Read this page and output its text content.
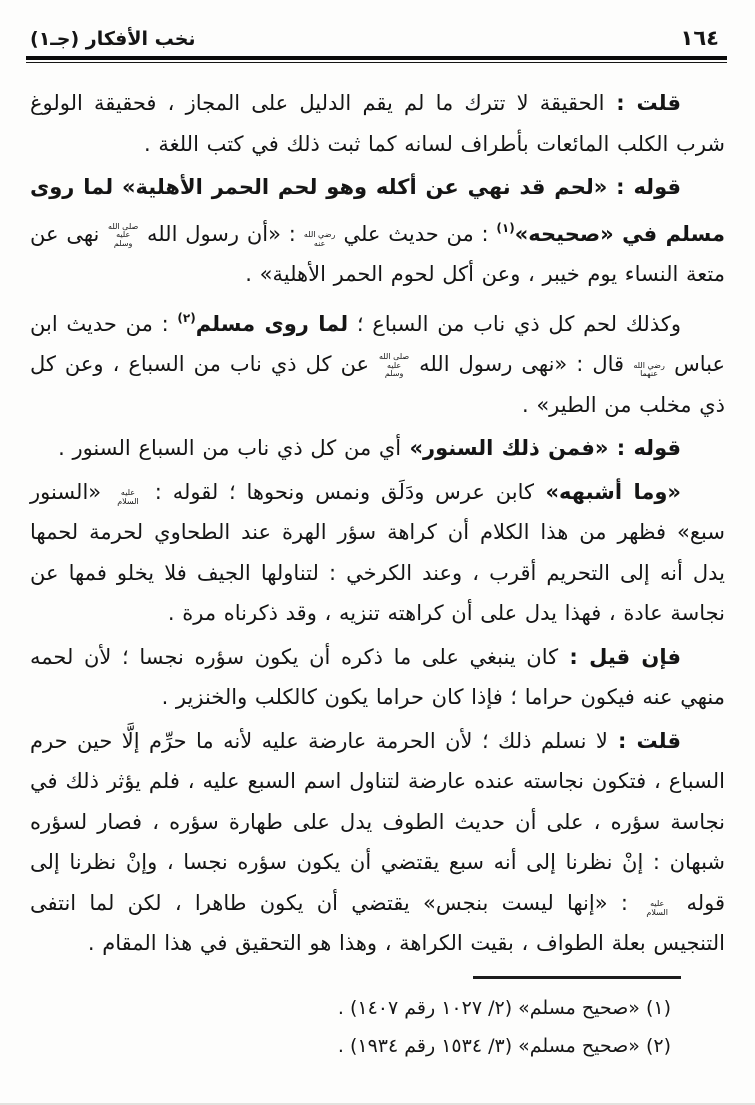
١٦٤
نخب الأفكار (جـ١)

قلت : الحقيقة لا تترك ما لم يقم الدليل على المجاز ، فحقيقة الولوغ شرب الكلب المائعات بأطراف لسانه كما ثبت ذلك في كتب اللغة .

قوله : «لحم قد نهي عن أكله وهو لحم الحمر الأهلية» لما روى مسلم في «صحيحه»$^{(١)}$ : من حديث علي رضي الله عنه : «أن رسول الله صلى الله عليه وسلم نهى عن متعة النساء يوم خيبر ، وعن أكل لحوم الحمر الأهلية» .

وكذلك لحم كل ذي ناب من السباع ؛ لما روى مسلم$^{(٢)}$ : من حديث ابن عباس رضي الله عنهما قال : «نهى رسول الله صلى الله عليه وسلم عن كل ذي ناب من السباع ، وعن كل ذي مخلب من الطير» .

قوله : «فمن ذلك السنور» أي من كل ذي ناب من السباع السنور .

«وما أشبهه» كابن عرس ودَلَق ونمس ونحوها ؛ لقوله : عليه السلام «السنور سبع» فظهر من هذا الكلام أن كراهة سؤر الهرة عند الطحاوي لحرمة لحمها يدل أنه إلى التحريم أقرب ، وعند الكرخي : لتناولها الجيف فلا يخلو فمها عن نجاسة عادة ، فهذا يدل على أن كراهته تنزيه ، وقد ذكرناه مرة .

فإن قيل : كان ينبغي على ما ذكره أن يكون سؤره نجسا ؛ لأن لحمه منهي عنه فيكون حراما ؛ فإذا كان حراما يكون كالكلب والخنزير .

قلت : لا نسلم ذلك ؛ لأن الحرمة عارضة عليه لأنه ما حرِّم إلَّا حين حرم السباع ، فتكون نجاسته عنده عارضة لتناول اسم السبع عليه ، فلم يؤثر ذلك في نجاسة سؤره ، على أن حديث الطوف يدل على طهارة سؤره ، فصار لسؤره شبهان : إنْ نظرنا إلى أنه سبع يقتضي أن يكون سؤره نجسا ، وإنْ نظرنا إلى قوله عليه السلام : «إنها ليست بنجس» يقتضي أن يكون طاهرا ، لكن لما انتفى التنجيس بعلة الطواف ، بقيت الكراهة ، وهذا هو التحقيق في هذا المقام .

(١) «صحيح مسلم» (٢/ ١٠٢٧ رقم ١٤٠٧) .
(٢) «صحيح مسلم» (٣/ ١٥٣٤ رقم ١٩٣٤) .
